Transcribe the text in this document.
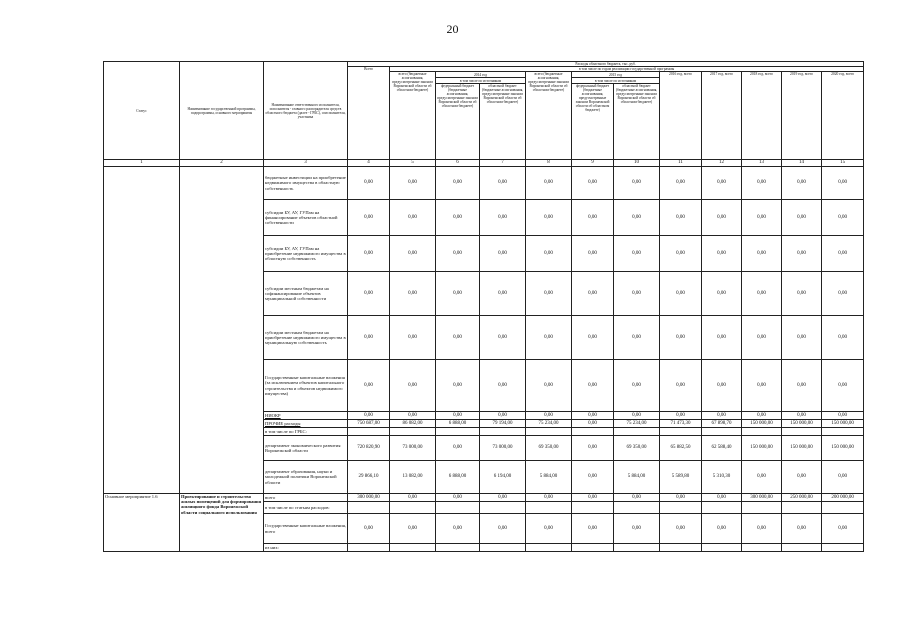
20
Статус	Наименование государственной программы, подпрограммы, основного мероприятия	Наименование ответственного исполнителя, исполнителя - главного распорядителя средств областного бюджета (далее - ГРБС), соисполнителя, участника	Расходы областного бюджета, тыс. руб.											
			Всего	в том числе по годам реализации государственной программы										
				всего (бюджетные ассигнования, предусмотренные законом Воронежской области об областном бюджете)	2014 год		всего (бюджетные ассигнования, предусмотренные законом Воронежской области об областном бюджете)	2015 год		2016 год, всего	2017 год, всего	2018 год, всего	2019 год, всего	2020 год, всего
					в том числе по источникам			в том числе по источникам						
					федеральный бюджет (бюджетные ассигнования, предусмотренные законом Воронежской области об областном бюджете)	областной бюджет (бюджетные ассигнования, предусмотренные законом Воронежской области об областном бюджете)		федеральный бюджет (бюджетные ассигнования, предусмотренные законом Воронежской области об областном бюджете)	областной бюджет (бюджетные ассигнования, предусмотренные законом Воронежской области об областном бюджете)					
1	2	3	4	5	6	7	8	9	10	11	12	13	14	15
		бюджетные инвестиции на приобретение недвижимого имущества в областную собственность	0,00	0,00	0,00	0,00	0,00	0,00	0,00	0,00	0,00	0,00	0,00	0,00
		субсидии БУ, АУ, ГУПам на финансирование объектов областной собственности	0,00	0,00	0,00	0,00	0,00	0,00	0,00	0,00	0,00	0,00	0,00	0,00
		субсидии БУ, АУ, ГУПам на приобретение недвижимого имущества в областную собственность	0,00	0,00	0,00	0,00	0,00	0,00	0,00	0,00	0,00	0,00	0,00	0,00
		субсидии местным бюджетам на софинансирование объектов муниципальной собственности	0,00	0,00	0,00	0,00	0,00	0,00	0,00	0,00	0,00	0,00	0,00	0,00
		субсидии местным бюджетам на приобретение недвижимого имущества в муниципальную собственность	0,00	0,00	0,00	0,00	0,00	0,00	0,00	0,00	0,00	0,00	0,00	0,00
		Государственные капитальные вложения (за исключением объектов капитального строительства и объектов недвижимого имущества)	0,00	0,00	0,00	0,00	0,00	0,00	0,00	0,00	0,00	0,00	0,00	0,00
		НИОКР	0,00	0,00	0,00	0,00	0,00	0,00	0,00	0,00	0,00	0,00	0,00	0,00
		ПРОЧИЕ расходы	750 687,00	86 082,00	6 888,00	79 194,00	75 234,00	0,00	75 234,00	71 473,30	67 898,70	150 000,00	150 000,00	150 000,00
		в том числе по ГРБС:												
		департамент экономического развития Воронежской области	720 820,90	73 000,00	0,00	73 000,00	69 350,00	0,00	69 350,00	65 882,50	62 588,40	150 000,00	150 000,00	150 000,00
		департамент образования, науки и молодежной политики Воронежской области	29 866,10	13 082,00	6 888,00	6 194,00	5 884,00	0,00	5 884,00	5 589,80	5 310,30	0,00	0,00	0,00
Основное мероприятие 1.6	Проектирование и строительство жилых помещений для формирования жилищного фонда Воронежской области социального использования	всего	300 000,00	0,00	0,00	0,00	0,00	0,00	0,00	0,00	0,00	300 000,00	250 000,00	200 000,00
		в том числе по статьям расходов:												
		Государственные капитальные вложения, всего	0,00	0,00	0,00	0,00	0,00	0,00	0,00	0,00	0,00	0,00	0,00	0,00
		из них:												
